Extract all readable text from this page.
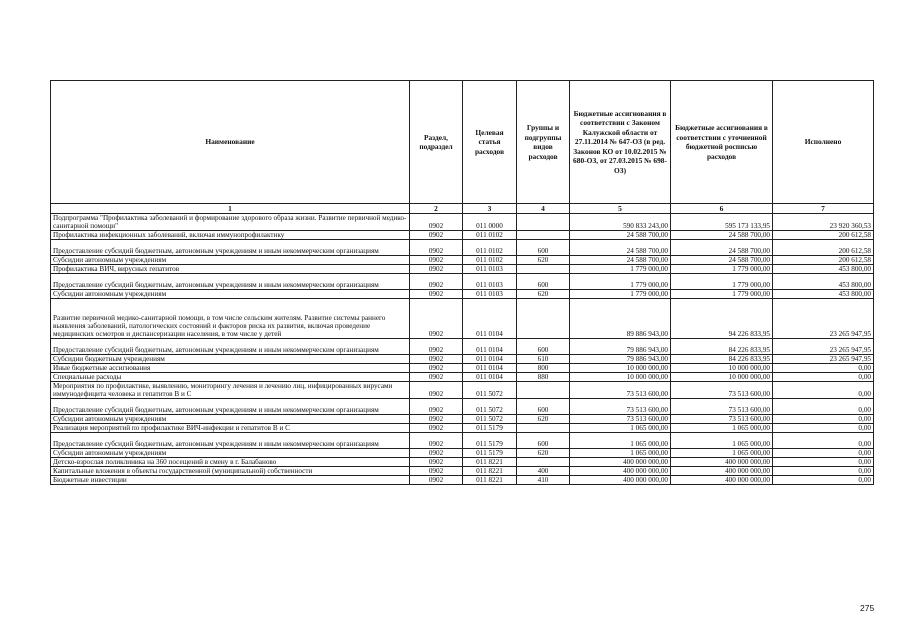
Наименование	Раздел, подраздел	Целевая статья расходов	Группы и подгруппы видов расходов	Бюджетные ассигнования в соответствии с Законом Калужской области от 27.11.2014 № 647-ОЗ (в ред. Законов КО от 10.02.2015 № 680-ОЗ, от 27.03.2015 № 698-ОЗ)	Бюджетные ассигнования в соответствии с уточненной бюджетной росписью расходов	Исполнено
1	2	3	4	5	6	7
Подпрограмма "Профилактика заболеваний и формирование здорового образа жизни. Развитие первичной медико-санитарной помощи"	0902	011 0000		590 833 243,00	595 173 133,95	23 920 360,53
Профилактика инфекционных заболеваний, включая иммунопрофилактику	0902	011 0102		24 588 700,00	24 588 700,00	200 612,58
Предоставление субсидий бюджетным, автономным учреждениям и иным некоммерческим организациям	0902	011 0102	600	24 588 700,00	24 588 700,00	200 612,58
Субсидии автономным учреждениям	0902	011 0102	620	24 588 700,00	24 588 700,00	200 612,58
Профилактика ВИЧ, вирусных гепатитов	0902	011 0103		1 779 000,00	1 779 000,00	453 800,00
Предоставление субсидий бюджетным, автономным учреждениям и иным некоммерческим организациям	0902	011 0103	600	1 779 000,00	1 779 000,00	453 800,00
Субсидии автономным учреждениям	0902	011 0103	620	1 779 000,00	1 779 000,00	453 800,00
Развитие первичной медико-санитарной помощи, в том числе сельским жителям. Развитие системы раннего выявления заболеваний, патологических состояний и факторов риска их развития, включая проведение медицинских осмотров и диспансеризации населения, в том числе у детей	0902	011 0104		89 886 943,00	94 226 833,95	23 265 947,95
Предоставление субсидий бюджетным, автономным учреждениям и иным некоммерческим организациям	0902	011 0104	600	79 886 943,00	84 226 833,95	23 265 947,95
Субсидии бюджетным учреждениям	0902	011 0104	610	79 886 943,00	84 226 833,95	23 265 947,95
Иные бюджетные ассигнования	0902	011 0104	800	10 000 000,00	10 000 000,00	0,00
Специальные расходы	0902	011 0104	880	10 000 000,00	10 000 000,00	0,00
Мероприятия по профилактике, выявлению, мониторингу лечения и лечению лиц, инфицированных вирусами иммунодефицита человека и гепатитов В и С	0902	011 5072		73 513 600,00	73 513 600,00	0,00
Предоставление субсидий бюджетным, автономным учреждениям и иным некоммерческим организациям	0902	011 5072	600	73 513 600,00	73 513 600,00	0,00
Субсидии автономным учреждениям	0902	011 5072	620	73 513 600,00	73 513 600,00	0,00
Реализация мероприятий по профилактике ВИЧ-инфекции и гепатитов В и С	0902	011 5179		1 065 000,00	1 065 000,00	0,00
Предоставление субсидий бюджетным, автономным учреждениям и иным некоммерческим организациям	0902	011 5179	600	1 065 000,00	1 065 000,00	0,00
Субсидии автономным учреждениям	0902	011 5179	620	1 065 000,00	1 065 000,00	0,00
Детско-взрослая поликлиника на 360 посещений в смену в г. Балабаново	0902	011 8221		400 000 000,00	400 000 000,00	0,00
Капитальные вложения в объекты государственной (муниципальной) собственности	0902	011 8221	400	400 000 000,00	400 000 000,00	0,00
Бюджетные инвестиции	0902	011 8221	410	400 000 000,00	400 000 000,00	0,00
275
